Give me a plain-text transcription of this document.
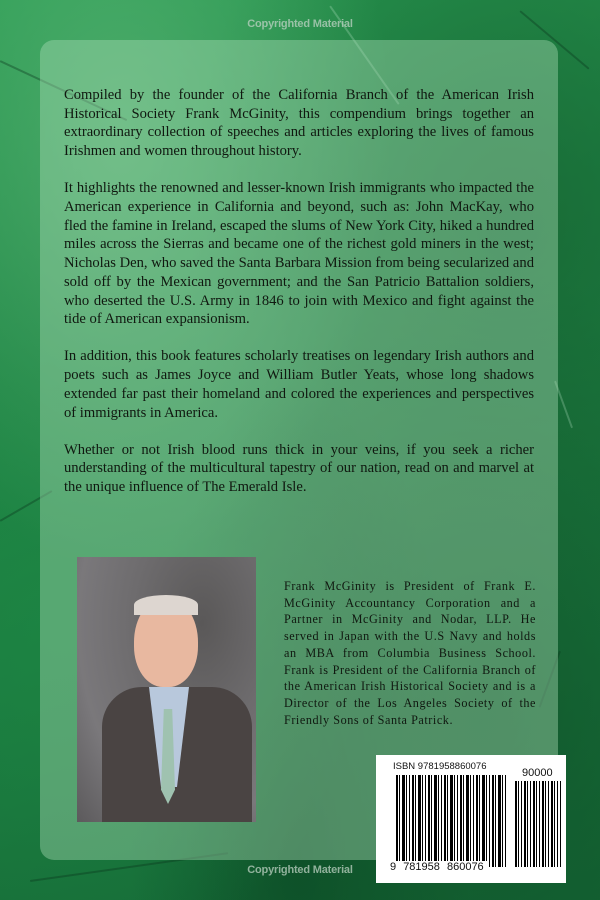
Copyrighted Material

Compiled by the founder of the California Branch of the American Irish Historical Society Frank McGinity, this compendium brings together an extraordinary collection of speeches and articles exploring the lives of famous Irishmen and women throughout history.

It highlights the renowned and lesser-known Irish immigrants who impacted the American experience in California and beyond, such as: John MacKay, who fled the famine in Ireland, escaped the slums of New York City, hiked a hundred miles across the Sierras and became one of the richest gold miners in the west; Nicholas Den, who saved the Santa Barbara Mission from being secularized and sold off by the Mexican government; and the San Patricio Battalion soldiers, who deserted the U.S. Army in 1846 to join with Mexico and fight against the tide of American expansionism.

In addition, this book features scholarly treatises on legendary Irish authors and poets such as James Joyce and William Butler Yeats, whose long shadows extended far past their homeland and colored the experiences and perspectives of immigrants in America.

Whether or not Irish blood runs thick in your veins, if you seek a richer understanding of the multicultural tapestry of our nation, read on and marvel at the unique influence of The Emerald Isle.

Frank McGinity is President of Frank E. McGinity Accountancy Corporation and a Partner in McGinity and Nodar, LLP. He served in Japan with the U.S Navy and holds an MBA from Columbia Business School. Frank is President of the California Branch of the American Irish Historical Society and is a Director of the Los Angeles Society of the Friendly Sons of Santa Patrick.
ISBN 9781958860076
90000
9 781958 860076
Copyrighted Material
